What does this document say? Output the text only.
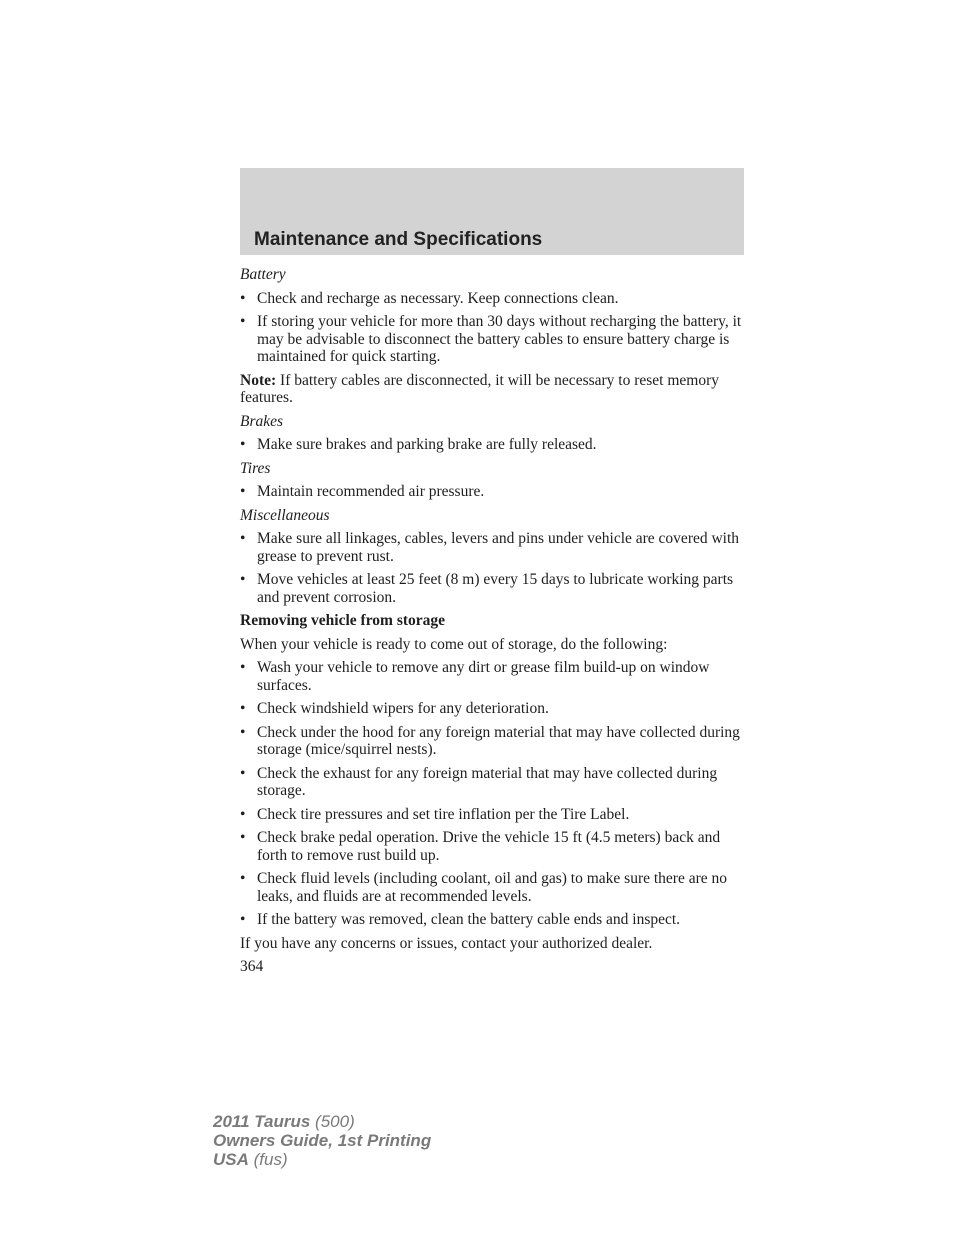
Maintenance and Specifications

Battery

• Check and recharge as necessary. Keep connections clean.
• If storing your vehicle for more than 30 days without recharging the battery, it may be advisable to disconnect the battery cables to ensure battery charge is maintained for quick starting.

Note: If battery cables are disconnected, it will be necessary to reset memory features.

Brakes

• Make sure brakes and parking brake are fully released.

Tires

• Maintain recommended air pressure.

Miscellaneous

• Make sure all linkages, cables, levers and pins under vehicle are covered with grease to prevent rust.
• Move vehicles at least 25 feet (8 m) every 15 days to lubricate working parts and prevent corrosion.

Removing vehicle from storage

When your vehicle is ready to come out of storage, do the following:

• Wash your vehicle to remove any dirt or grease film build-up on window surfaces.
• Check windshield wipers for any deterioration.
• Check under the hood for any foreign material that may have collected during storage (mice/squirrel nests).
• Check the exhaust for any foreign material that may have collected during storage.
• Check tire pressures and set tire inflation per the Tire Label.
• Check brake pedal operation. Drive the vehicle 15 ft (4.5 meters) back and forth to remove rust build up.
• Check fluid levels (including coolant, oil and gas) to make sure there are no leaks, and fluids are at recommended levels.
• If the battery was removed, clean the battery cable ends and inspect.

If you have any concerns or issues, contact your authorized dealer.

364

2011 Taurus (500)
Owners Guide, 1st Printing
USA (fus)
